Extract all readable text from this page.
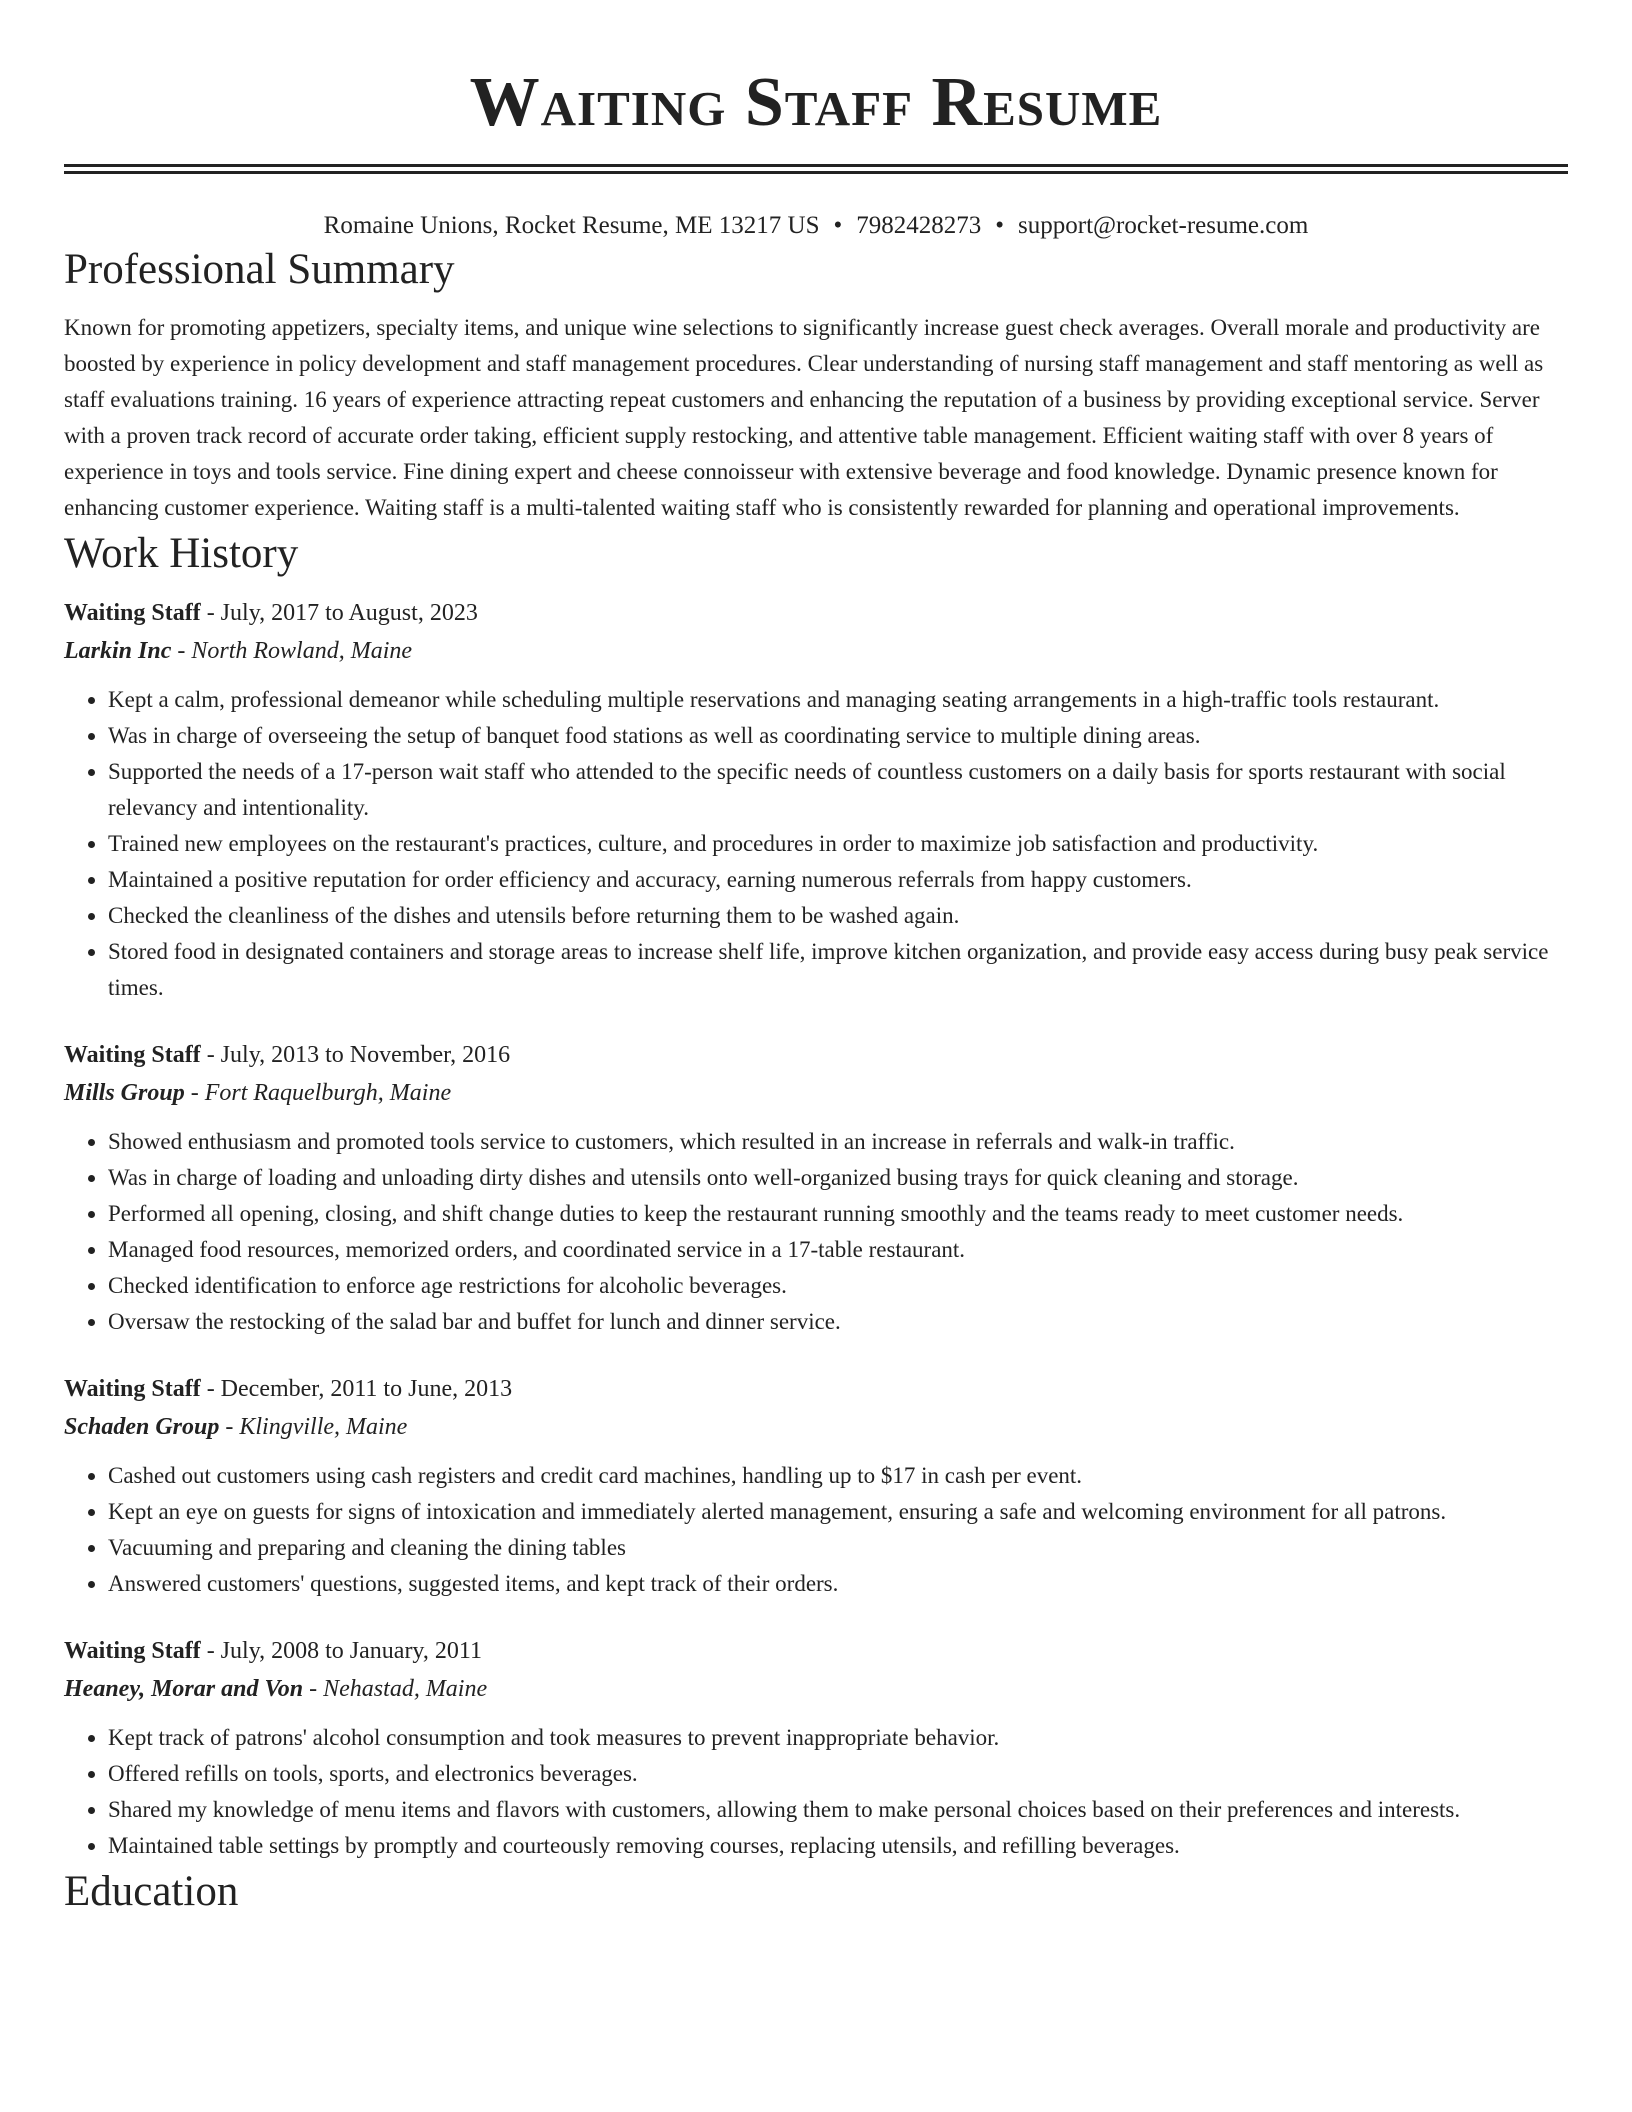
Waiting Staff Resume
Romaine Unions, Rocket Resume, ME 13217 US • 7982428273 • support@rocket-resume.com
Professional Summary

Known for promoting appetizers, specialty items, and unique wine selections to significantly increase guest check averages. Overall morale and productivity are boosted by experience in policy development and staff management procedures. Clear understanding of nursing staff management and staff mentoring as well as staff evaluations training. 16 years of experience attracting repeat customers and enhancing the reputation of a business by providing exceptional service. Server with a proven track record of accurate order taking, efficient supply restocking, and attentive table management. Efficient waiting staff with over 8 years of experience in toys and tools service. Fine dining expert and cheese connoisseur with extensive beverage and food knowledge. Dynamic presence known for enhancing customer experience. Waiting staff is a multi-talented waiting staff who is consistently rewarded for planning and operational improvements.

Work History
Waiting Staff - July, 2017 to August, 2023
Larkin Inc - North Rowland, Maine
• Kept a calm, professional demeanor while scheduling multiple reservations and managing seating arrangements in a high-traffic tools restaurant.
• Was in charge of overseeing the setup of banquet food stations as well as coordinating service to multiple dining areas.
• Supported the needs of a 17-person wait staff who attended to the specific needs of countless customers on a daily basis for sports restaurant with social relevancy and intentionality.
• Trained new employees on the restaurant's practices, culture, and procedures in order to maximize job satisfaction and productivity.
• Maintained a positive reputation for order efficiency and accuracy, earning numerous referrals from happy customers.
• Checked the cleanliness of the dishes and utensils before returning them to be washed again.
• Stored food in designated containers and storage areas to increase shelf life, improve kitchen organization, and provide easy access during busy peak service times.
Waiting Staff - July, 2013 to November, 2016
Mills Group - Fort Raquelburgh, Maine
• Showed enthusiasm and promoted tools service to customers, which resulted in an increase in referrals and walk-in traffic.
• Was in charge of loading and unloading dirty dishes and utensils onto well-organized busing trays for quick cleaning and storage.
• Performed all opening, closing, and shift change duties to keep the restaurant running smoothly and the teams ready to meet customer needs.
• Managed food resources, memorized orders, and coordinated service in a 17-table restaurant.
• Checked identification to enforce age restrictions for alcoholic beverages.
• Oversaw the restocking of the salad bar and buffet for lunch and dinner service.
Waiting Staff - December, 2011 to June, 2013
Schaden Group - Klingville, Maine
• Cashed out customers using cash registers and credit card machines, handling up to $17 in cash per event.
• Kept an eye on guests for signs of intoxication and immediately alerted management, ensuring a safe and welcoming environment for all patrons.
• Vacuuming and preparing and cleaning the dining tables
• Answered customers' questions, suggested items, and kept track of their orders.
Waiting Staff - July, 2008 to January, 2011
Heaney, Morar and Von - Nehastad, Maine
• Kept track of patrons' alcohol consumption and took measures to prevent inappropriate behavior.
• Offered refills on tools, sports, and electronics beverages.
• Shared my knowledge of menu items and flavors with customers, allowing them to make personal choices based on their preferences and interests.
• Maintained table settings by promptly and courteously removing courses, replacing utensils, and refilling beverages.
Education
